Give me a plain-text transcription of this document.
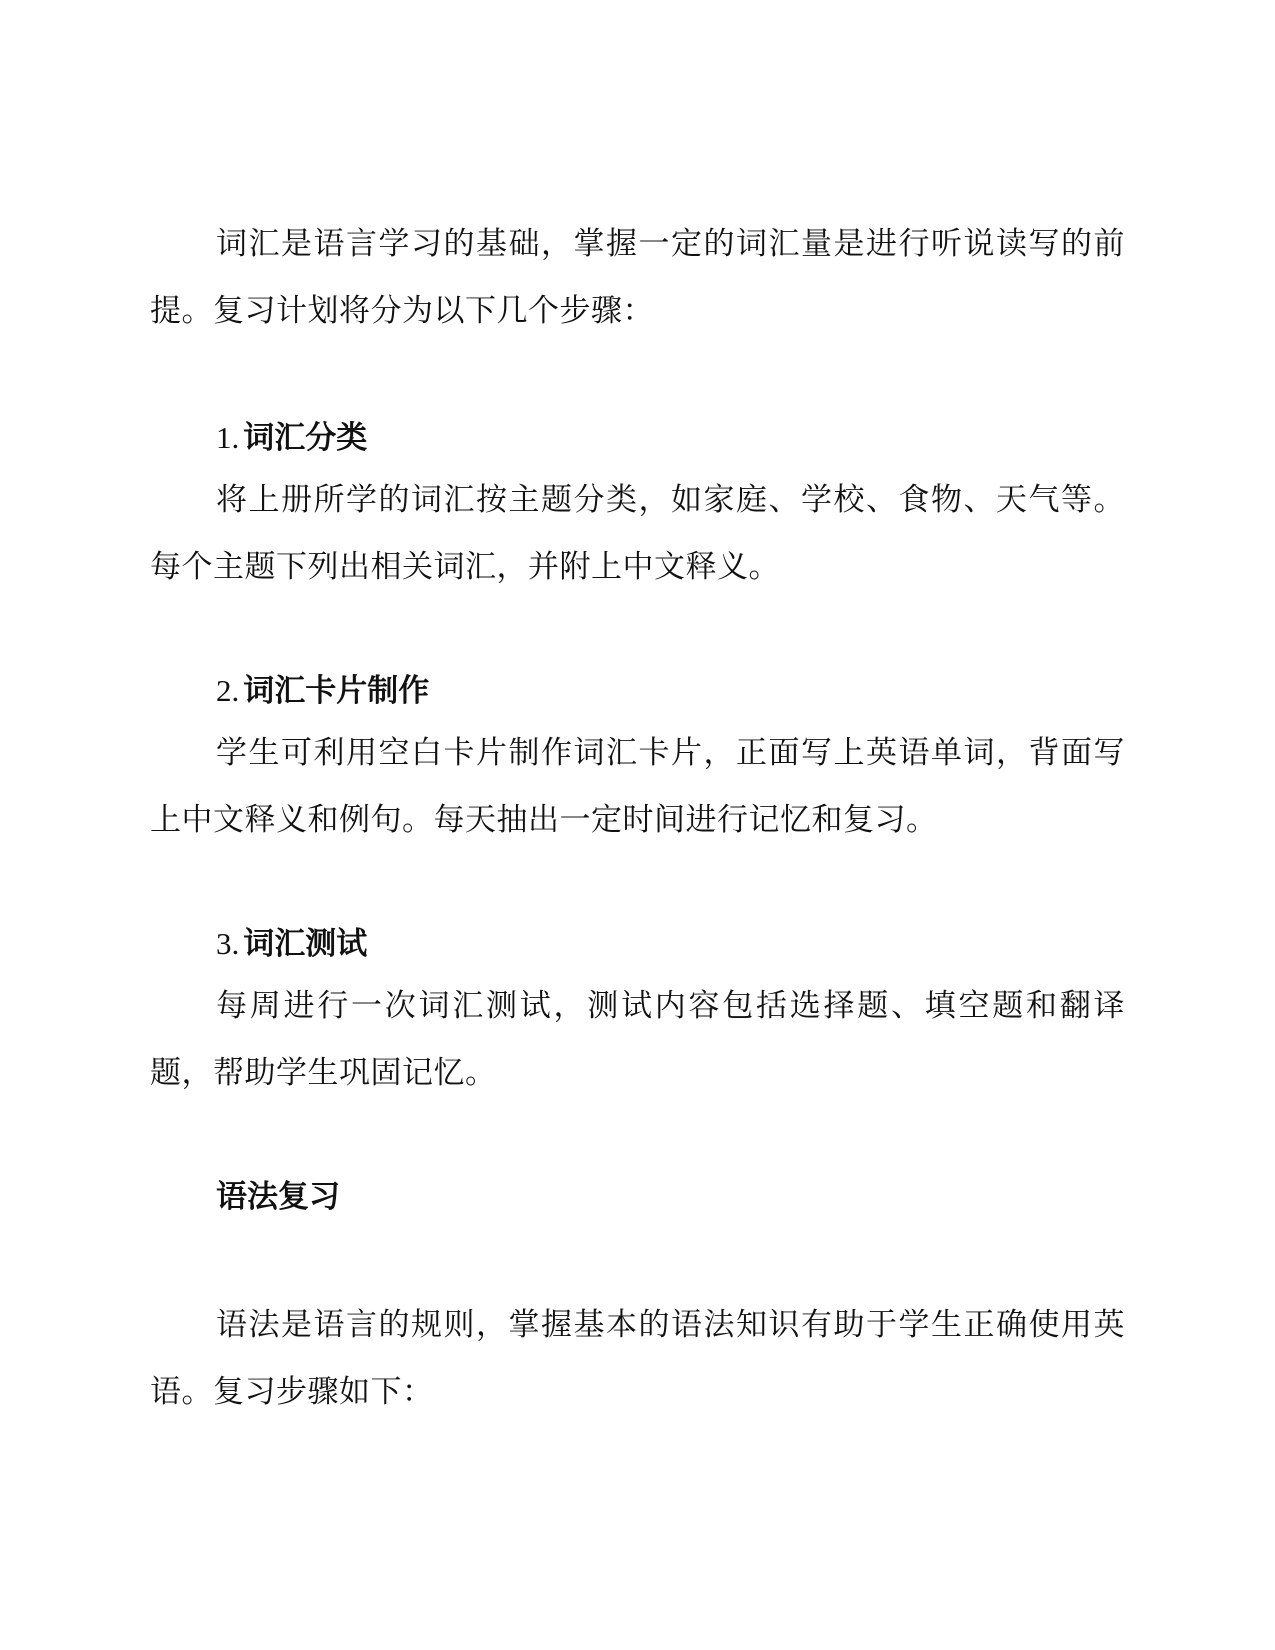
词汇是语言学习的基础，掌握一定的词汇量是进行听说读写的前提。复习计划将分为以下几个步骤：

1. 词汇分类

将上册所学的词汇按主题分类，如家庭、学校、食物、天气等。每个主题下列出相关词汇，并附上中文释义。

2. 词汇卡片制作

学生可利用空白卡片制作词汇卡片，正面写上英语单词，背面写上中文释义和例句。每天抽出一定时间进行记忆和复习。

3. 词汇测试

每周进行一次词汇测试，测试内容包括选择题、填空题和翻译题，帮助学生巩固记忆。

语法复习

语法是语言的规则，掌握基本的语法知识有助于学生正确使用英语。复习步骤如下：
